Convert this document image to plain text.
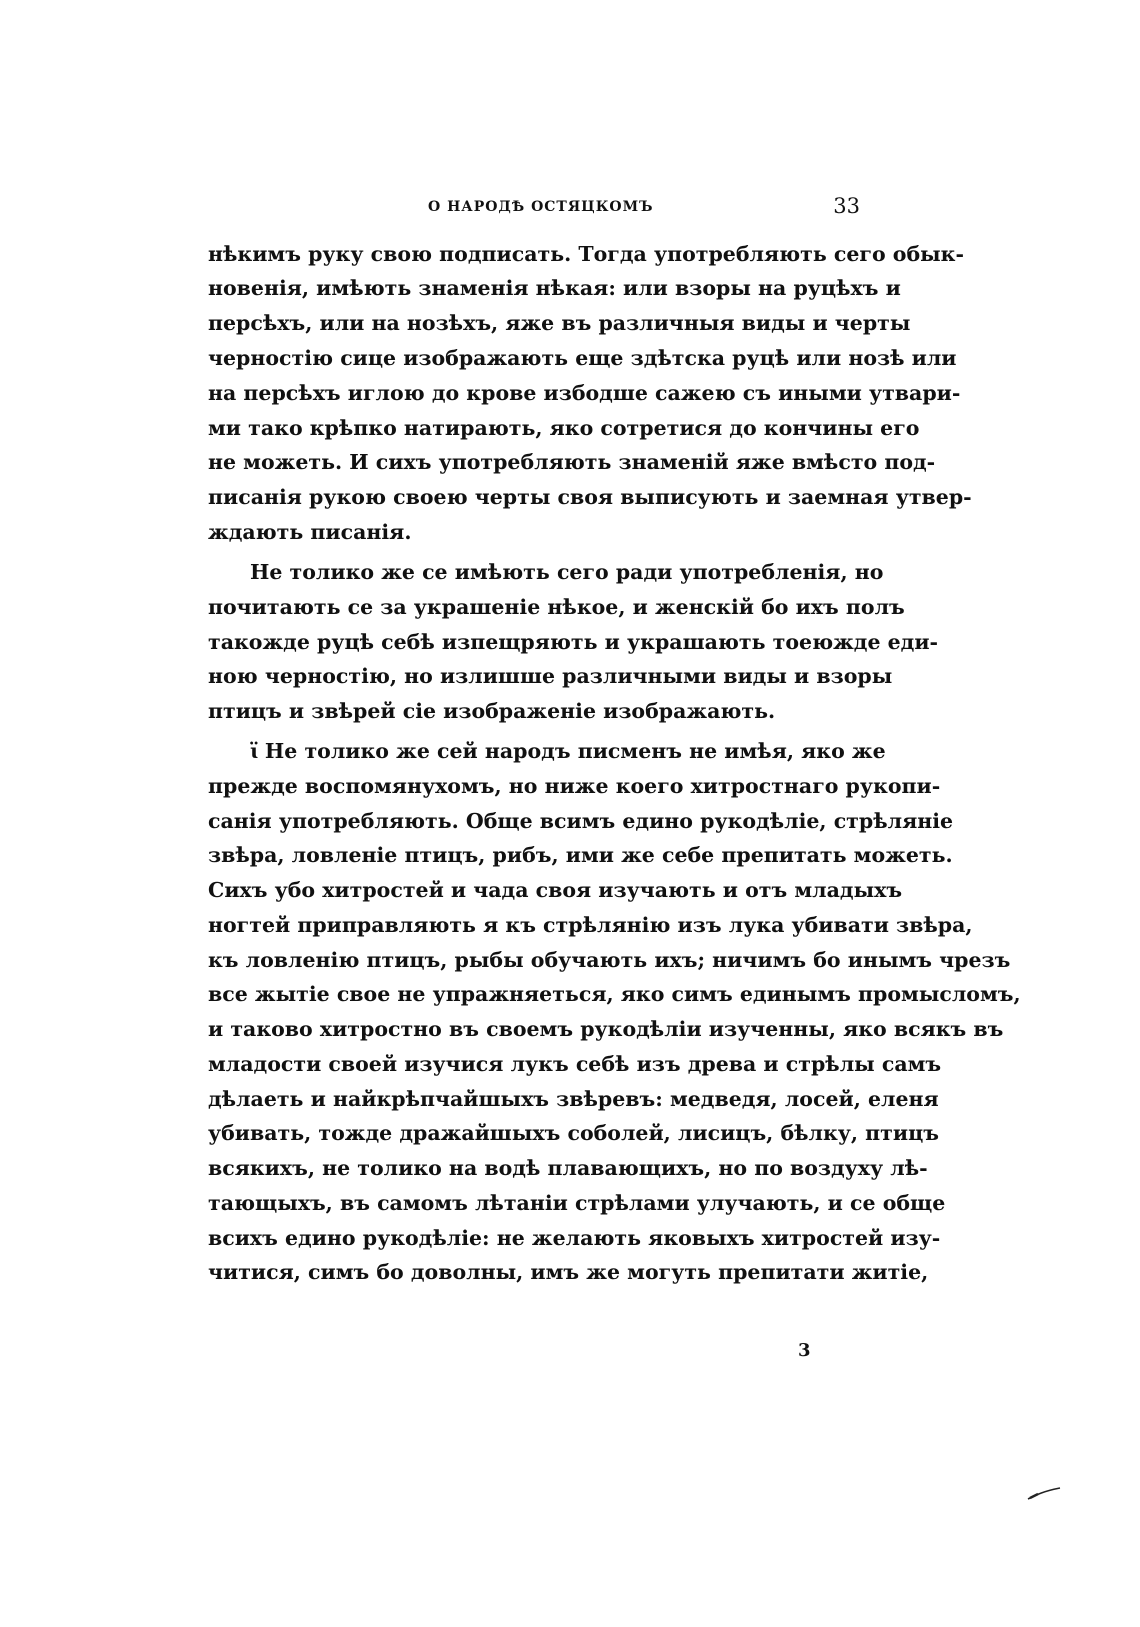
О НАРОДѢ ОСТЯЦКОМЪ	33
нѣкимъ руку свою подписать. Тогда употребляють сего обык-
новенія, имѣють знаменія нѣкая: или взоры на руцѣхъ и
персѣхъ, или на нозѣхъ, яже въ различныя виды и черты
черностію сице изображають еще здѣтска руцѣ или нозѣ или
на персѣхъ иглою до крове избодше сажею съ иными утвари-
ми тако крѣпко натирають, яко сотретися до кончины его
не можеть. И сихъ употребляють знаменій яже вмѣсто под-
писанія рукою своею черты своя выписують и заемная утвер-
ждають писанія.
Не толико же се имѣють сего ради употребленія, но
почитають се за украшеніе нѣкое, и женскій бо ихъ полъ
такожде руцѣ себѣ изпещряють и украшають тоеюжде еди-
ною черностію, но излишше различными виды и взоры
птицъ и звѣрей сіе изображеніе изображають.
ꙇ̈ Не толико же сей народъ писменъ не имѣя, яко же
прежде воспомянухомъ, но ниже коего хитростнаго рукопи-
санія употребляють. Обще всимъ едино рукодѣліе, стрѣляніе
звѣра, ловленіе птицъ, рибъ, ими же себе препитать можеть.
Сихъ убо хитростей и чада своя изучають и отъ младыхъ
ногтей приправляють я къ стрѣлянію изъ лука убивати звѣра,
къ ловленію птицъ, рыбы обучають ихъ; ничимъ бо инымъ чрезъ
все жытіе свое не упражняеться, яко симъ единымъ промысломъ,
и таково хитростно въ своемъ рукодѣліи изученны, яко всякъ въ
младости своей изучися лукъ себѣ изъ древа и стрѣлы самъ
дѣлаеть и найкрѣпчайшыхъ звѣревъ: медведя, лосей, еленя
убивать, тожде дражайшыхъ соболей, лисицъ, бѣлку, птицъ
всякихъ, не толико на водѣ плавающихъ, но по воздуху лѣ-
тающыхъ, въ самомъ лѣтаніи стрѣлами улучають, и се обще
всихъ едино рукодѣліе: не желають яковыхъ хитростей изу-
читися, симъ бо доволны, имъ же могуть препитати житіе,
3
